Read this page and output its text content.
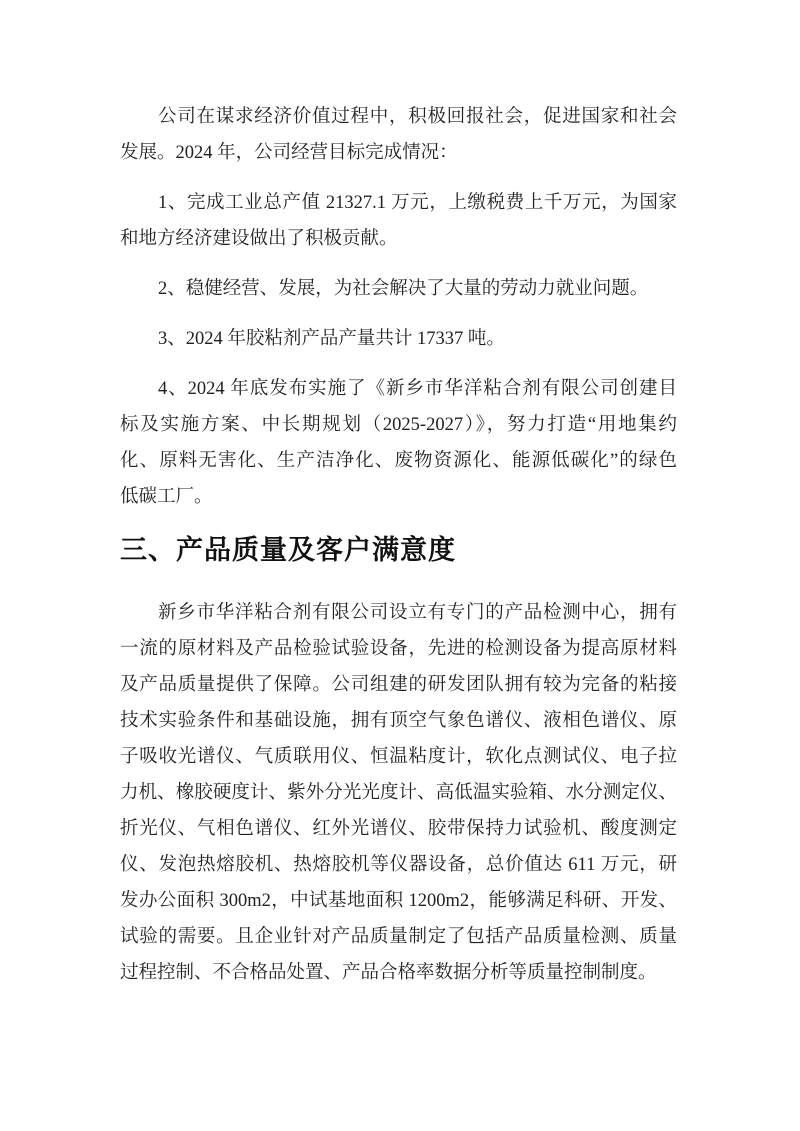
公司在谋求经济价值过程中，积极回报社会，促进国家和社会
发展。2024 年，公司经营目标完成情况：
1、完成工业总产值 21327.1 万元，上缴税费上千万元，为国家
和地方经济建设做出了积极贡献。
2、稳健经营、发展，为社会解决了大量的劳动力就业问题。
3、2024 年胶粘剂产品产量共计 17337 吨。
4、2024 年底发布实施了《新乡市华洋粘合剂有限公司创建目
标及实施方案、中长期规划（2025-2027）》，努力打造“用地集约
化、原料无害化、生产洁净化、废物资源化、能源低碳化”的绿色
低碳工厂。
三、产品质量及客户满意度
新乡市华洋粘合剂有限公司设立有专门的产品检测中心，拥有
一流的原材料及产品检验试验设备，先进的检测设备为提高原材料
及产品质量提供了保障。公司组建的研发团队拥有较为完备的粘接
技术实验条件和基础设施，拥有顶空气象色谱仪、液相色谱仪、原
子吸收光谱仪、气质联用仪、恒温粘度计，软化点测试仪、电子拉
力机、橡胶硬度计、紫外分光光度计、高低温实验箱、水分测定仪、
折光仪、气相色谱仪、红外光谱仪、胶带保持力试验机、酸度测定
仪、发泡热熔胶机、热熔胶机等仪器设备，总价值达 611 万元，研
发办公面积 300m2，中试基地面积 1200m2，能够满足科研、开发、
试验的需要。且企业针对产品质量制定了包括产品质量检测、质量
过程控制、不合格品处置、产品合格率数据分析等质量控制制度。
